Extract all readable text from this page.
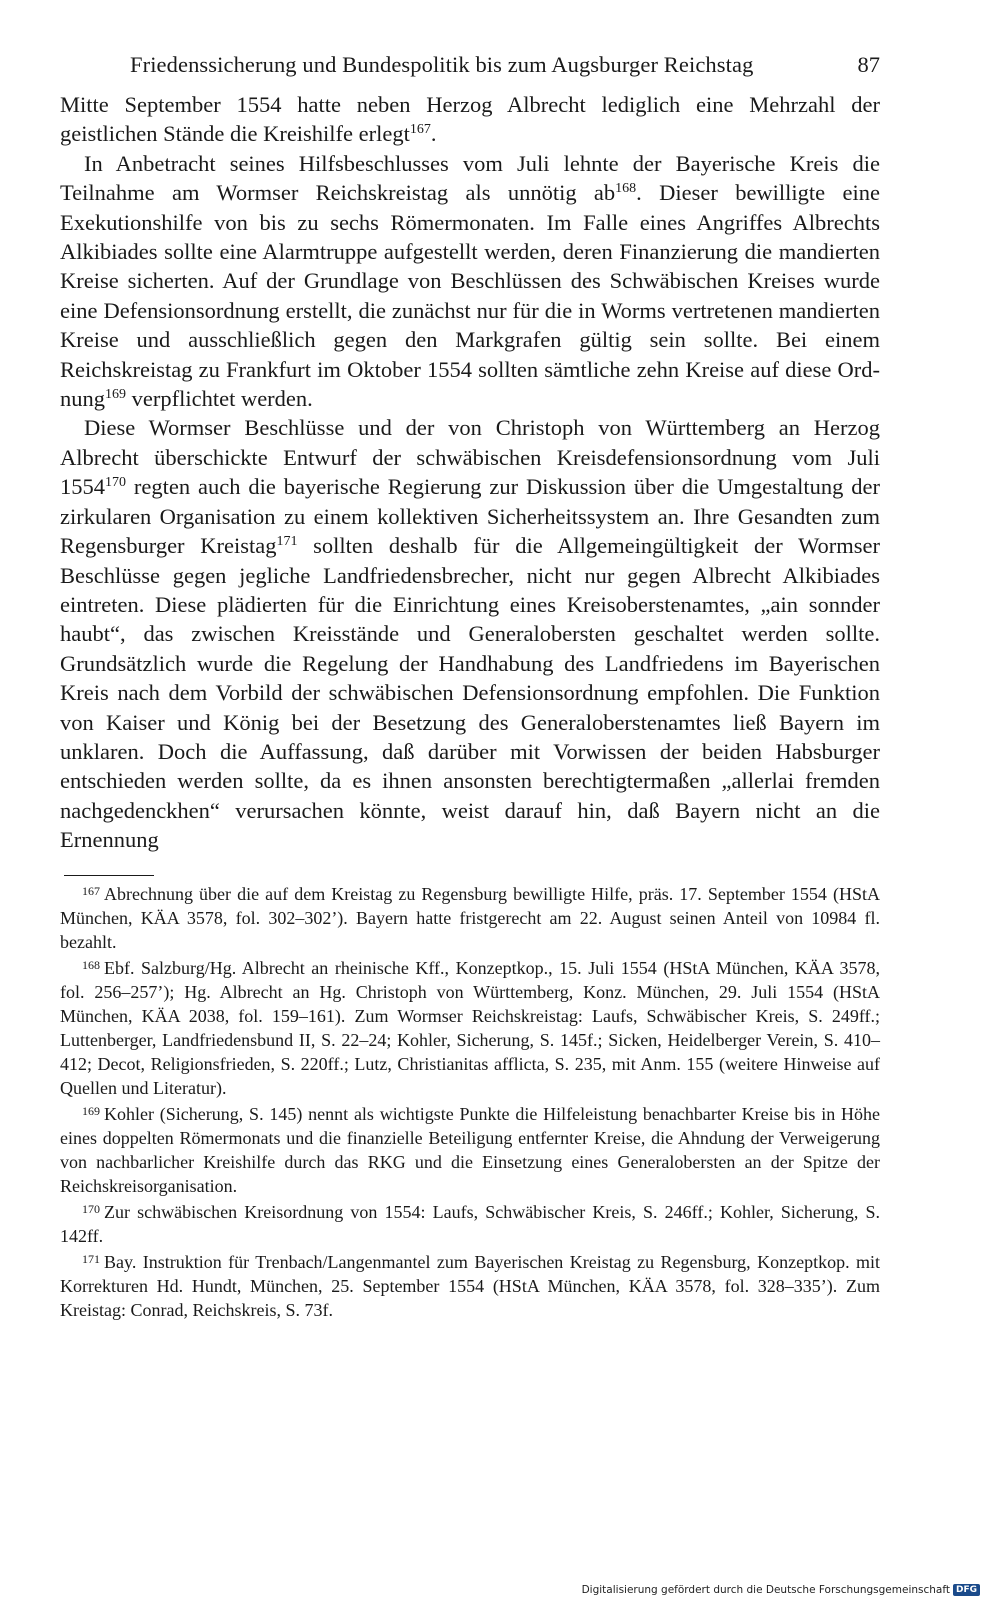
Friedenssicherung und Bundespolitik bis zum Augsburger Reichstag	87

Mitte September 1554 hatte neben Herzog Albrecht lediglich eine Mehrzahl der geistlichen Stände die Kreishilfe erlegt$^{167}$.

In Anbetracht seines Hilfsbeschlusses vom Juli lehnte der Bayerische Kreis die Teilnahme am Wormser Reichskreistag als unnötig $ab^{168}$. Dieser bewilligte eine Exekutionshilfe von bis zu sechs Römermonaten. Im Falle eines Angriffes Albrechts Alkibiades sollte eine Alarmtruppe aufgestellt werden, deren Finanzierung die mandierten Kreise sicherten. Auf der Grundlage von Beschlüssen des Schwäbischen Kreises wurde eine Defensionsordnung erstellt, die zunächst nur für die in Worms vertretenen mandierten Kreise und ausschließlich gegen den Markgrafen gültig sein sollte. Bei einem Reichskreistag zu Frankfurt im Oktober 1554 sollten sämtliche zehn Kreise auf diese Ordnung$^{169}$ verpflichtet werden.

Diese Wormser Beschlüsse und der von Christoph von Württemberg an Herzog Albrecht überschickte Entwurf der schwäbischen Kreisdefensionsordnung vom Juli 1554$^{170}$ regten auch die bayerische Regierung zur Diskussion über die Umgestaltung der zirkularen Organisation zu einem kollektiven Sicherheitssystem an. Ihre Gesandten zum Regensburger Kreistag$^{171}$ sollten deshalb für die Allgemeingültigkeit der Wormser Beschlüsse gegen jegliche Landfriedensbrecher, nicht nur gegen Albrecht Alkibiades eintreten. Diese plädierten für die Einrichtung eines Kreisoberstenamtes, „ain sonnder haubt“, das zwischen Kreisstände und Generalobersten geschaltet werden sollte. Grundsätzlich wurde die Regelung der Handhabung des Landfriedens im Bayerischen Kreis nach dem Vorbild der schwäbischen Defensionsordnung empfohlen. Die Funktion von Kaiser und König bei der Besetzung des Generaloberstenamtes ließ Bayern im unklaren. Doch die Auffassung, daß darüber mit Vorwissen der beiden Habsburger entschieden werden sollte, da es ihnen ansonsten berechtigtermaßen „allerlai fremden nachgedenckhen“ verursachen könnte, weist darauf hin, daß Bayern nicht an die Ernennung

$^{167}$ Abrechnung über die auf dem Kreistag zu Regensburg bewilligte Hilfe, präs. 17. September 1554 (HStA München, KÄA 3578, fol. 302–302’). Bayern hatte fristgerecht am 22. August seinen Anteil von 10984 fl. bezahlt.

$^{168}$ Ebf. Salzburg/Hg. Albrecht an rheinische Kff., Konzeptkop., 15. Juli 1554 (HStA München, KÄA 3578, fol. 256–257’); Hg. Albrecht an Hg. Christoph von Württemberg, Konz. München, 29. Juli 1554 (HStA München, KÄA 2038, fol. 159–161). Zum Wormser Reichskreistag: Laufs, Schwäbischer Kreis, S. 249ff.; Luttenberger, Landfriedensbund II, S. 22–24; Kohler, Sicherung, S. 145f.; Sicken, Heidelberger Verein, S. 410–412; Decot, Religionsfrieden, S. 220ff.; Lutz, Christianitas afflicta, S. 235, mit Anm. 155 (weitere Hinweise auf Quellen und Literatur).

$^{169}$ Kohler (Sicherung, S. 145) nennt als wichtigste Punkte die Hilfeleistung benachbarter Kreise bis in Höhe eines doppelten Römermonats und die finanzielle Beteiligung entfernter Kreise, die Ahndung der Verweigerung von nachbarlicher Kreishilfe durch das RKG und die Einsetzung eines Generalobersten an der Spitze der Reichskreisorganisation.

$^{170}$ Zur schwäbischen Kreisordnung von 1554: Laufs, Schwäbischer Kreis, S. 246ff.; Kohler, Sicherung, S. 142ff.

$^{171}$ Bay. Instruktion für Trenbach/Langenmantel zum Bayerischen Kreistag zu Regensburg, Konzeptkop. mit Korrekturen Hd. Hundt, München, 25. September 1554 (HStA München, KÄA 3578, fol. 328–335’). Zum Kreistag: Conrad, Reichskreis, S. 73f.

Digitalisierung gefördert durch die Deutsche Forschungsgemeinschaft DFG
